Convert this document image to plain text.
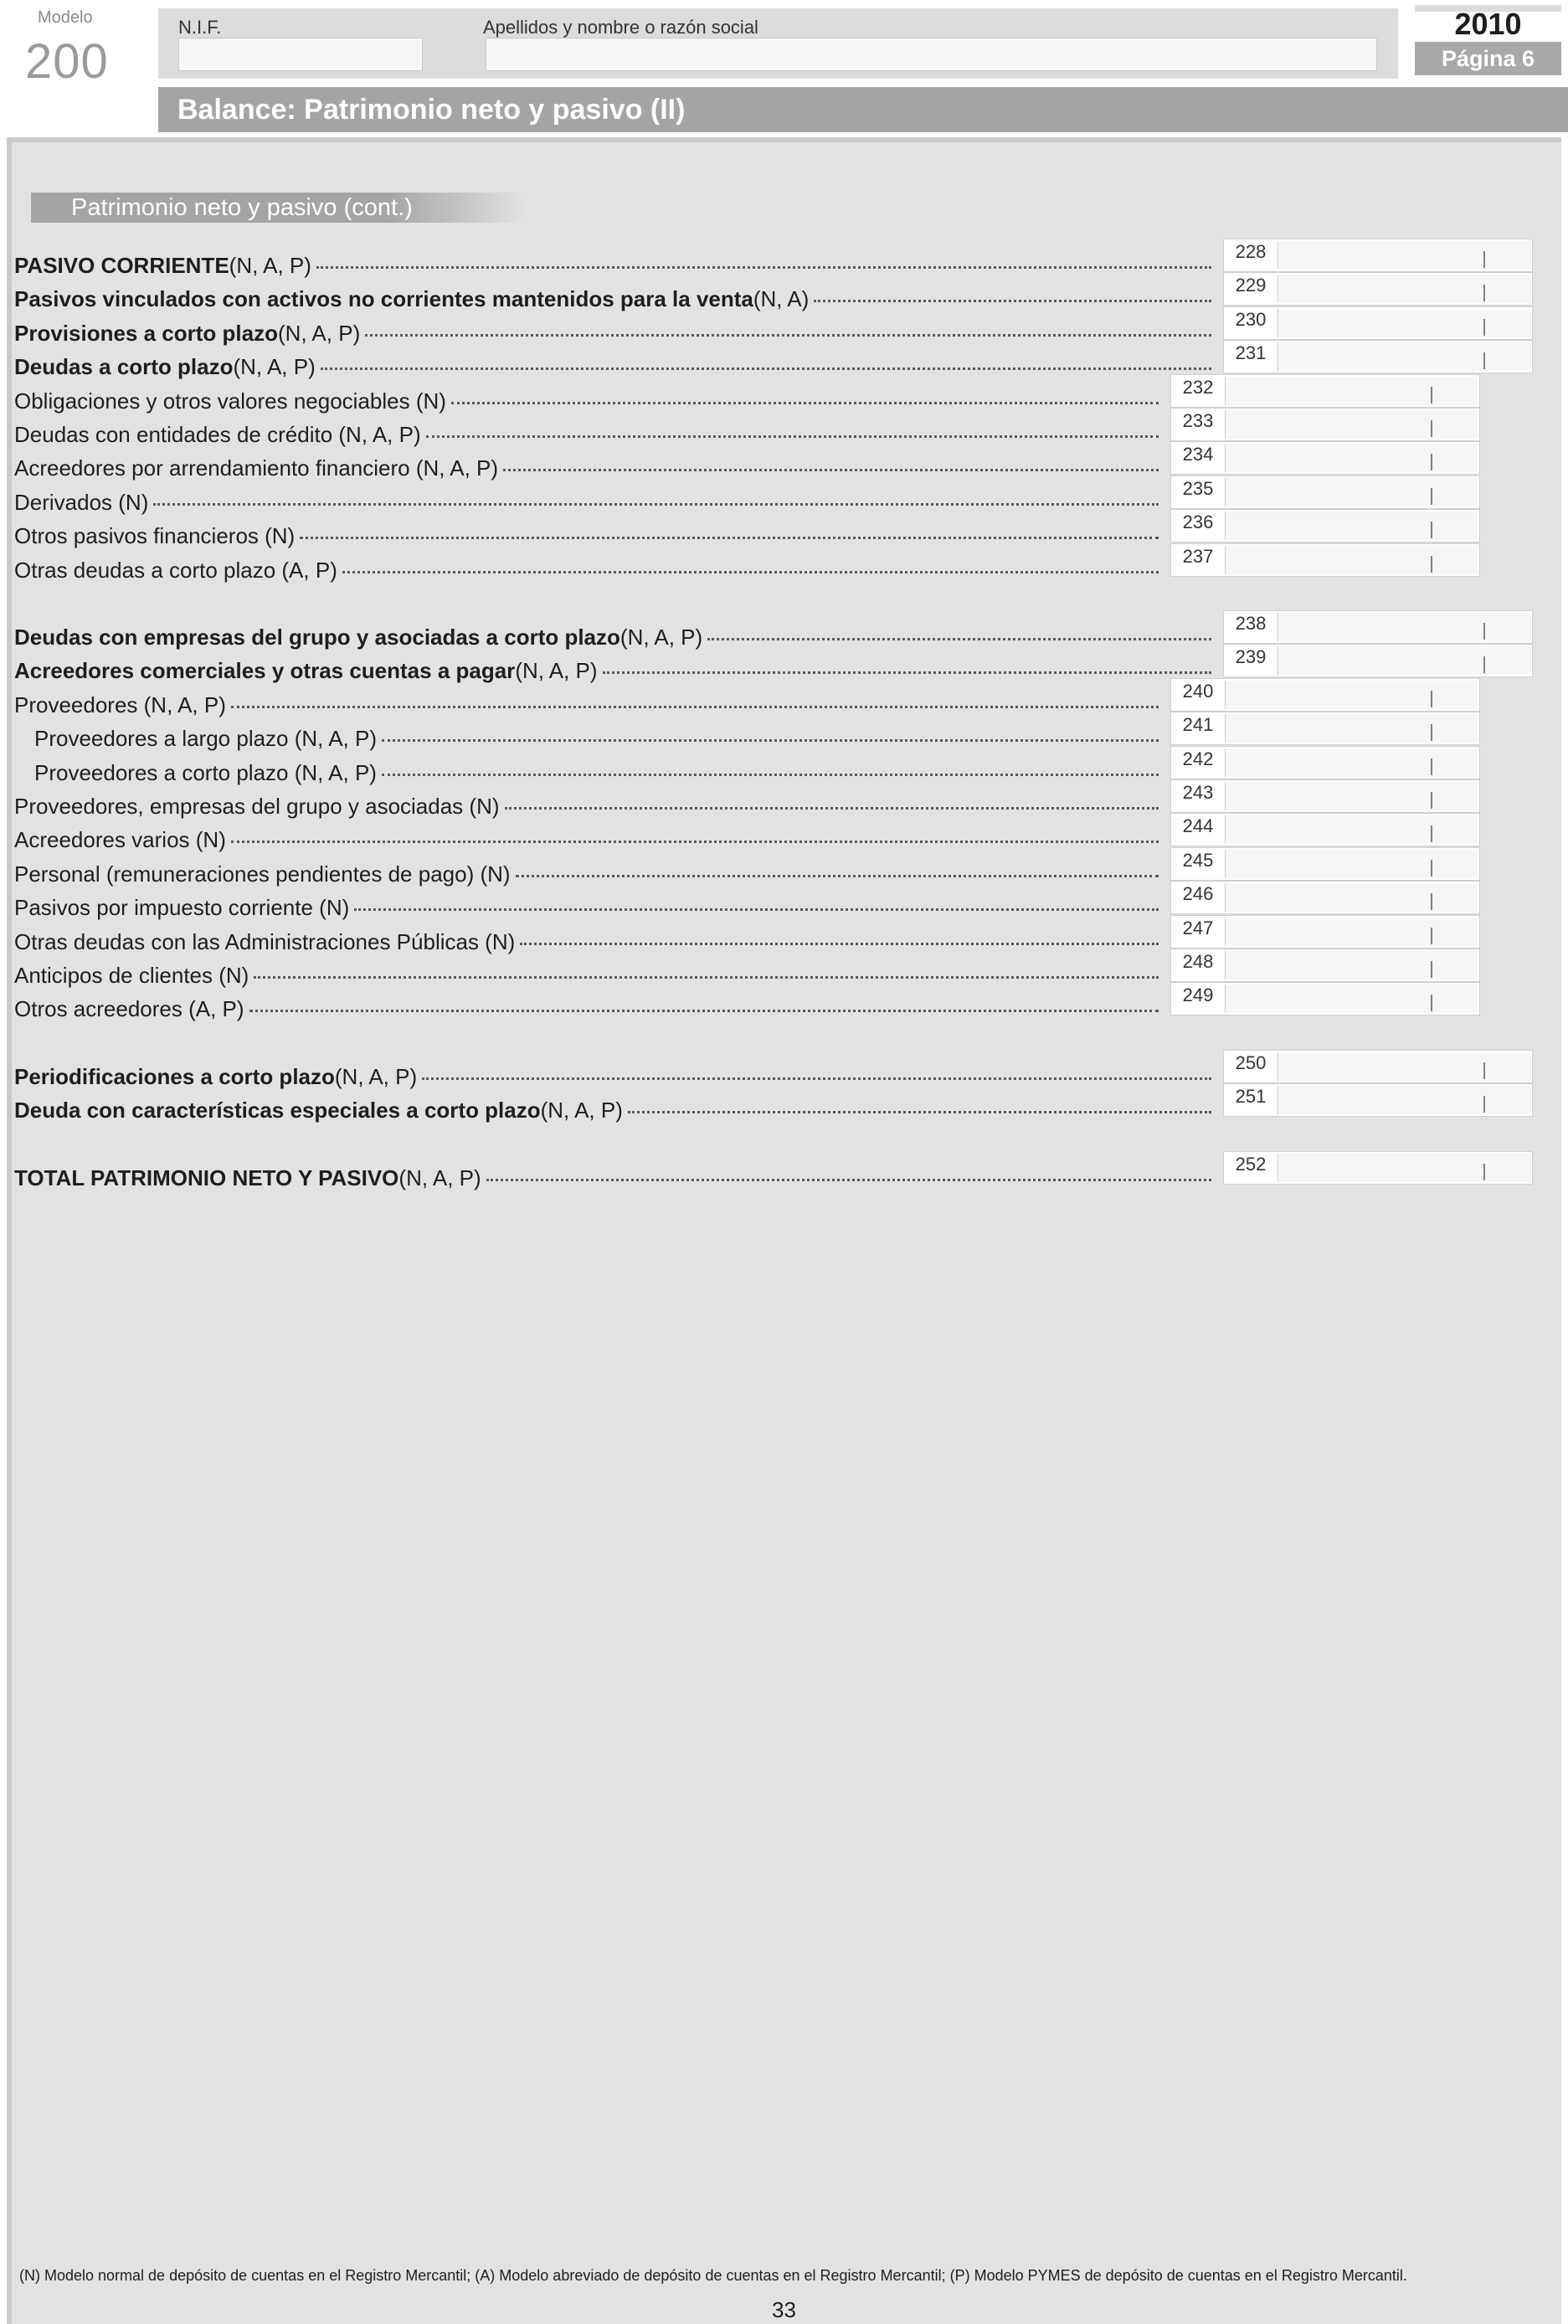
Modelo
200
N.I.F.	Apellidos y nombre o razón social	2010
Página 6
Balance: Patrimonio neto y pasivo (II)
Patrimonio neto y pasivo (cont.)
PASIVO CORRIENTE (N, A, P)
228
Pasivos vinculados con activos no corrientes mantenidos para la venta (N, A)
229
Provisiones a corto plazo (N, A, P)
230
Deudas a corto plazo (N, A, P)
231
Obligaciones y otros valores negociables (N)
232
Deudas con entidades de crédito (N, A, P)
233
Acreedores por arrendamiento financiero (N, A, P)
234
Derivados (N)
235
Otros pasivos financieros (N)
236
Otras deudas a corto plazo (A, P)
237
Deudas con empresas del grupo y asociadas a corto plazo (N, A, P)
238
Acreedores comerciales y otras cuentas a pagar (N, A, P)
239
Proveedores (N, A, P)
240
Proveedores a largo plazo (N, A, P)
241
Proveedores a corto plazo (N, A, P)
242
Proveedores, empresas del grupo y asociadas (N)
243
Acreedores varios (N)
244
Personal (remuneraciones pendientes de pago) (N)
245
Pasivos por impuesto corriente (N)
246
Otras deudas con las Administraciones Públicas (N)
247
Anticipos de clientes (N)
248
Otros acreedores (A, P)
249
Periodificaciones a corto plazo (N, A, P)
250
Deuda con características especiales a corto plazo (N, A, P)
251
TOTAL PATRIMONIO NETO Y PASIVO (N, A, P)
252
(N) Modelo normal de depósito de cuentas en el Registro Mercantil; (A) Modelo abreviado de depósito de cuentas en el Registro Mercantil; (P) Modelo PYMES de depósito de cuentas en el Registro Mercantil.
33
